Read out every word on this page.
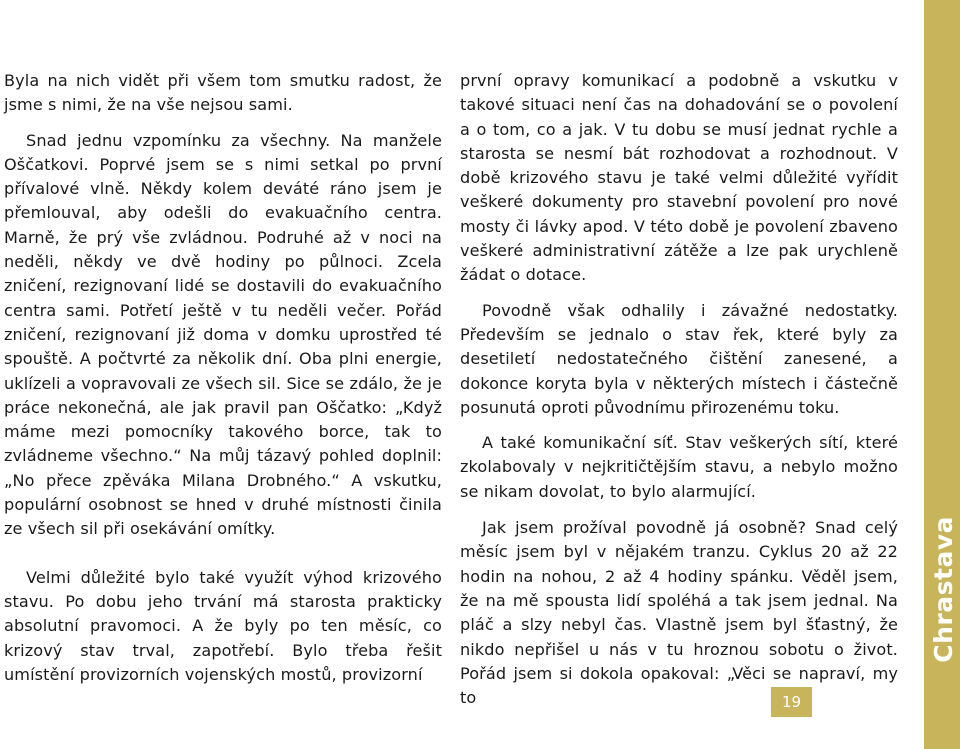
Byla na nich vidět při všem tom smutku radost, že jsme s nimi, že na vše nejsou sami.

Snad jednu vzpomínku za všechny. Na manžele Oščatkovi. Poprvé jsem se s nimi setkal po první přívalové vlně. Někdy kolem deváté ráno jsem je přemlouval, aby odešli do evakuačního centra. Marně, že prý vše zvládnou. Podruhé až v noci na neděli, někdy ve dvě hodiny po půlnoci. Zcela zničení, rezignovaní lidé se dostavili do evakuačního centra sami. Potřetí ještě v tu neděli večer. Pořád zničení, rezignovaní již doma v domku uprostřed té spouště. A počtvrté za několik dní. Oba plni energie, uklízeli a vopravovali ze všech sil. Sice se zdálo, že je práce nekonečná, ale jak pravil pan Oščatko: „Když máme mezi pomocníky takového borce, tak to zvládneme všechno.“ Na můj tázavý pohled doplnil: „No přece zpěváka Milana Drobného.“ A vskutku, populární osobnost se hned v druhé místnosti činila ze všech sil při osekávání omítky.

Velmi důležité bylo také využít výhod krizového stavu. Po dobu jeho trvání má starosta prakticky absolutní pravomoci. A že byly po ten měsíc, co krizový stav trval, zapotřebí. Bylo třeba řešit umístění provizorních vojenských mostů, provizorní

první opravy komunikací a podobně a vskutku v takové situaci není čas na dohadování se o povolení a o tom, co a jak. V tu dobu se musí jednat rychle a starosta se nesmí bát rozhodovat a rozhodnout. V době krizového stavu je také velmi důležité vyřídit veškeré dokumenty pro stavební povolení pro nové mosty či lávky apod. V této době je povolení zbaveno veškeré administrativní zátěže a lze pak urychleně žádat o dotace.

Povodně však odhalily i závažné nedostatky. Především se jednalo o stav řek, které byly za desetiletí nedostatečného čištění zanesené, a dokonce koryta byla v některých místech i částečně posunutá oproti původnímu přirozenému toku.

A také komunikační síť. Stav veškerých sítí, které zkolabovaly v nejkritičtějším stavu, a nebylo možno se nikam dovolat, to bylo alarmující.

Jak jsem prožíval povodně já osobně? Snad celý měsíc jsem byl v nějakém tranzu. Cyklus 20 až 22 hodin na nohou, 2 až 4 hodiny spánku. Věděl jsem, že na mě spousta lidí spoléhá a tak jsem jednal. Na pláč a slzy nebyl čas. Vlastně jsem byl šťastný, že nikdo nepřišel u nás v tu hroznou sobotu o život. Pořád jsem si dokola opakoval: „Věci se napraví, my to

Chrastava
19
